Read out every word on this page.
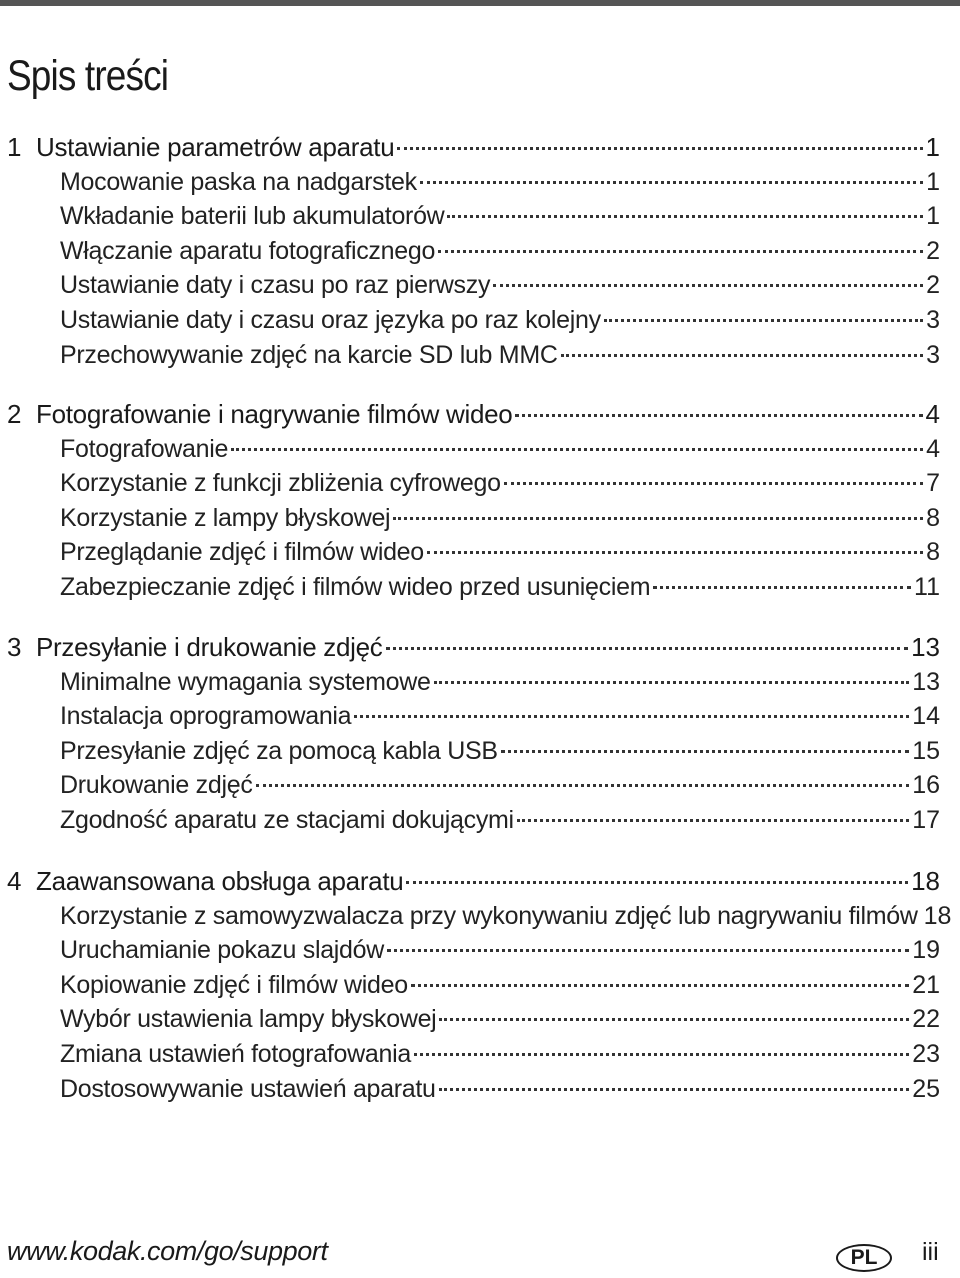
Spis treści
1 Ustawianie parametrów aparatu	1
Mocowanie paska na nadgarstek	1
Wkładanie baterii lub akumulatorów	1
Włączanie aparatu fotograficznego	2
Ustawianie daty i czasu po raz pierwszy	2
Ustawianie daty i czasu oraz języka po raz kolejny	3
Przechowywanie zdjęć na karcie SD lub MMC	3
2 Fotografowanie i nagrywanie filmów wideo	4
Fotografowanie	4
Korzystanie z funkcji zbliżenia cyfrowego	7
Korzystanie z lampy błyskowej	8
Przeglądanie zdjęć i filmów wideo	8
Zabezpieczanie zdjęć i filmów wideo przed usunięciem	11
3 Przesyłanie i drukowanie zdjęć	13
Minimalne wymagania systemowe	13
Instalacja oprogramowania	14
Przesyłanie zdjęć za pomocą kabla USB	15
Drukowanie zdjęć	16
Zgodność aparatu ze stacjami dokującymi	17
4 Zaawansowana obsługa aparatu	18
Korzystanie z samowyzwalacza przy wykonywaniu zdjęć lub nagrywaniu filmów 18
Uruchamianie pokazu slajdów	19
Kopiowanie zdjęć i filmów wideo	21
Wybór ustawienia lampy błyskowej	22
Zmiana ustawień fotografowania	23
Dostosowywanie ustawień aparatu	25
www.kodak.com/go/support	PL iii
